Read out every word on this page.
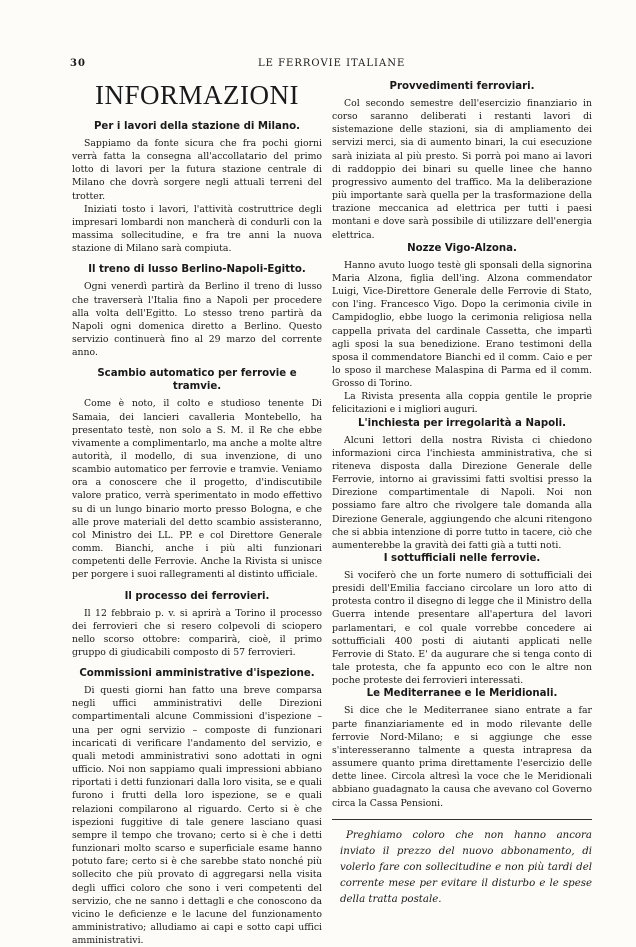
30	LE FERROVIE ITALIANE
INFORMAZIONI
Per i lavori della stazione di Milano.

Sappiamo da fonte sicura che fra pochi giorni verrà fatta la consegna all'accollatario del primo lotto di lavori per la futura stazione centrale di Milano che dovrà sorgere negli attuali terreni del trotter.

Iniziati tosto i lavori, l'attività costruttrice degli impresari lombardi non mancherà di condurli con la massima sollecitudine, e fra tre anni la nuova stazione di Milano sarà compiuta.

Il treno di lusso Berlino-Napoli-Egitto.

Ogni venerdì partirà da Berlino il treno di lusso che traverserà l'Italia fino a Napoli per procedere alla volta dell'Egitto. Lo stesso treno partirà da Napoli ogni domenica diretto a Berlino. Questo servizio continuerà fino al 29 marzo del corrente anno.

Scambio automatico per ferrovie e tramvie.

Come è noto, il colto e studioso tenente Di Samaia, dei lancieri cavalleria Montebello, ha presentato testè, non solo a S. M. il Re che ebbe vivamente a complimentarlo, ma anche a molte altre autorità, il modello, di sua invenzione, di uno scambio automatico per ferrovie e tramvie. Veniamo ora a conoscere che il progetto, d'indiscutibile valore pratico, verrà sperimentato in modo effettivo su di un lungo binario morto presso Bologna, e che alle prove materiali del detto scambio assisteranno, col Ministro dei LL. PP. e col Direttore Generale comm. Bianchi, anche i più alti funzionari competenti delle Ferrovie. Anche la Rivista si unisce per porgere i suoi rallegramenti al distinto ufficiale.

Il processo dei ferrovieri.

Il 12 febbraio p. v. si aprirà a Torino il processo dei ferrovieri che si resero colpevoli di sciopero nello scorso ottobre: comparirà, cioè, il primo gruppo di giudicabili composto di 57 ferrovieri.

Commissioni amministrative d'ispezione.

Di questi giorni han fatto una breve comparsa negli uffici amministrativi delle Direzioni compartimentali alcune Commissioni d'ispezione – una per ogni servizio – composte di funzionari incaricati di verificare l'andamento del servizio, e quali metodi amministrativi sono adottati in ogni ufficio. Noi non sappiamo quali impressioni abbiano riportati i detti funzionari dalla loro visita, se e quali furono i frutti della loro ispezione, se e quali relazioni compilarono al riguardo. Certo si è che ispezioni fuggitive di tale genere lasciano quasi sempre il tempo che trovano; certo si è che i detti funzionari molto scarso e superficiale esame hanno potuto fare; certo si è che sarebbe stato nonché più sollecito che più provato di aggregarsi nella visita degli uffici coloro che sono i veri competenti del servizio, che ne sanno i dettagli e che conoscono da vicino le deficienze e le lacune del funzionamento amministrativo; alludiamo ai capi e sotto capi uffici amministrativi.

Provvedimenti ferroviari.

Col secondo semestre dell'esercizio finanziario in corso saranno deliberati i restanti lavori di sistemazione delle stazioni, sia di ampliamento dei servizi merci, sia di aumento binari, la cui esecuzione sarà iniziata al più presto. Si porrà poi mano ai lavori di raddoppio dei binari su quelle linee che hanno progressivo aumento del traffico. Ma la deliberazione più importante sarà quella per la trasformazione della trazione meccanica ad elettrica per tutti i paesi montani e dove sarà possibile di utilizzare dell'energia elettrica.

Nozze Vigo-Alzona.

Hanno avuto luogo testè gli sponsali della signorina Maria Alzona, figlia dell'ing. Alzona commendator Luigi, Vice-Direttore Generale delle Ferrovie di Stato, con l'ing. Francesco Vigo. Dopo la cerimonia civile in Campidoglio, ebbe luogo la cerimonia religiosa nella cappella privata del cardinale Cassetta, che impartì agli sposi la sua benedizione. Erano testimoni della sposa il commendatore Bianchi ed il comm. Caio e per lo sposo il marchese Malaspina di Parma ed il comm. Grosso di Torino.

La Rivista presenta alla coppia gentile le proprie felicitazioni e i migliori auguri.

L'inchiesta per irregolarità a Napoli.

Alcuni lettori della nostra Rivista ci chiedono informazioni circa l'inchiesta amministrativa, che si riteneva disposta dalla Direzione Generale delle Ferrovie, intorno ai gravissimi fatti svoltisi presso la Direzione compartimentale di Napoli. Noi non possiamo fare altro che rivolgere tale domanda alla Direzione Generale, aggiungendo che alcuni ritengono che si abbia intenzione di porre tutto in tacere, ciò che aumenterebbe la gravità dei fatti già a tutti noti.

I sottufficiali nelle ferrovie.

Si vociferò che un forte numero di sottufficiali dei presidi dell'Emilia facciano circolare un loro atto di protesta contro il disegno di legge che il Ministro della Guerra intende presentare all'apertura del lavori parlamentari, e col quale vorrebbe concedere ai sottufficiali 400 posti di aiutanti applicati nelle Ferrovie di Stato. E' da augurare che si tenga conto di tale protesta, che fa appunto eco con le altre non poche proteste dei ferrovieri interessati.

Le Mediterranee e le Meridionali.

Si dice che le Mediterranee siano entrate a far parte finanziariamente ed in modo rilevante delle ferrovie Nord-Milano; e si aggiunge che esse s'interesseranno talmente a questa intrapresa da assumere quanto prima direttamente l'esercizio delle dette linee. Circola altresì la voce che le Meridionali abbiano guadagnato la causa che avevano col Governo circa la Cassa Pensioni.

Preghiamo coloro che non hanno ancora inviato il prezzo del nuovo abbonamento, di volerlo fare con sollecitudine e non più tardi del corrente mese per evitare il disturbo e le spese della tratta postale.
